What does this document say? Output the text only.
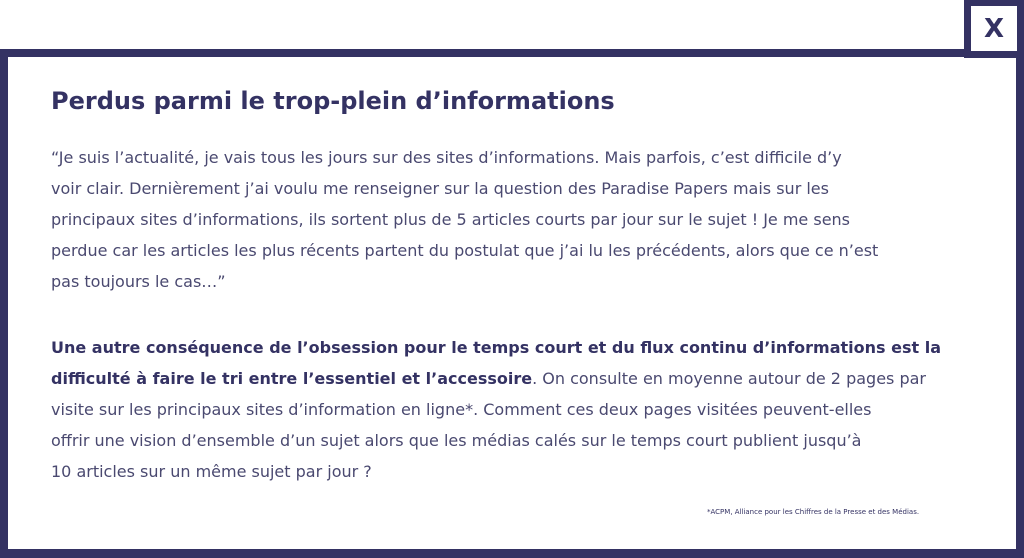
X
Perdus parmi le trop-plein d’informations

“Je suis l’actualité, je vais tous les jours sur des sites d’informations. Mais parfois, c’est difficile d’y
voir clair. Dernièrement j’ai voulu me renseigner sur la question des Paradise Papers mais sur les
principaux sites d’informations, ils sortent plus de 5 articles courts par jour sur le sujet ! Je me sens
perdue car les articles les plus récents partent du postulat que j’ai lu les précédents, alors que ce n’est
pas toujours le cas…”

Une autre conséquence de l’obsession pour le temps court et du flux continu d’informations est la
difficulté à faire le tri entre l’essentiel et l’accessoire. On consulte en moyenne autour de 2 pages par
visite sur les principaux sites d’information en ligne*. Comment ces deux pages visitées peuvent-elles
offrir une vision d’ensemble d’un sujet alors que les médias calés sur le temps court publient jusqu’à
10 articles sur un même sujet par jour ?

*ACPM, Alliance pour les Chiffres de la Presse et des Médias.
